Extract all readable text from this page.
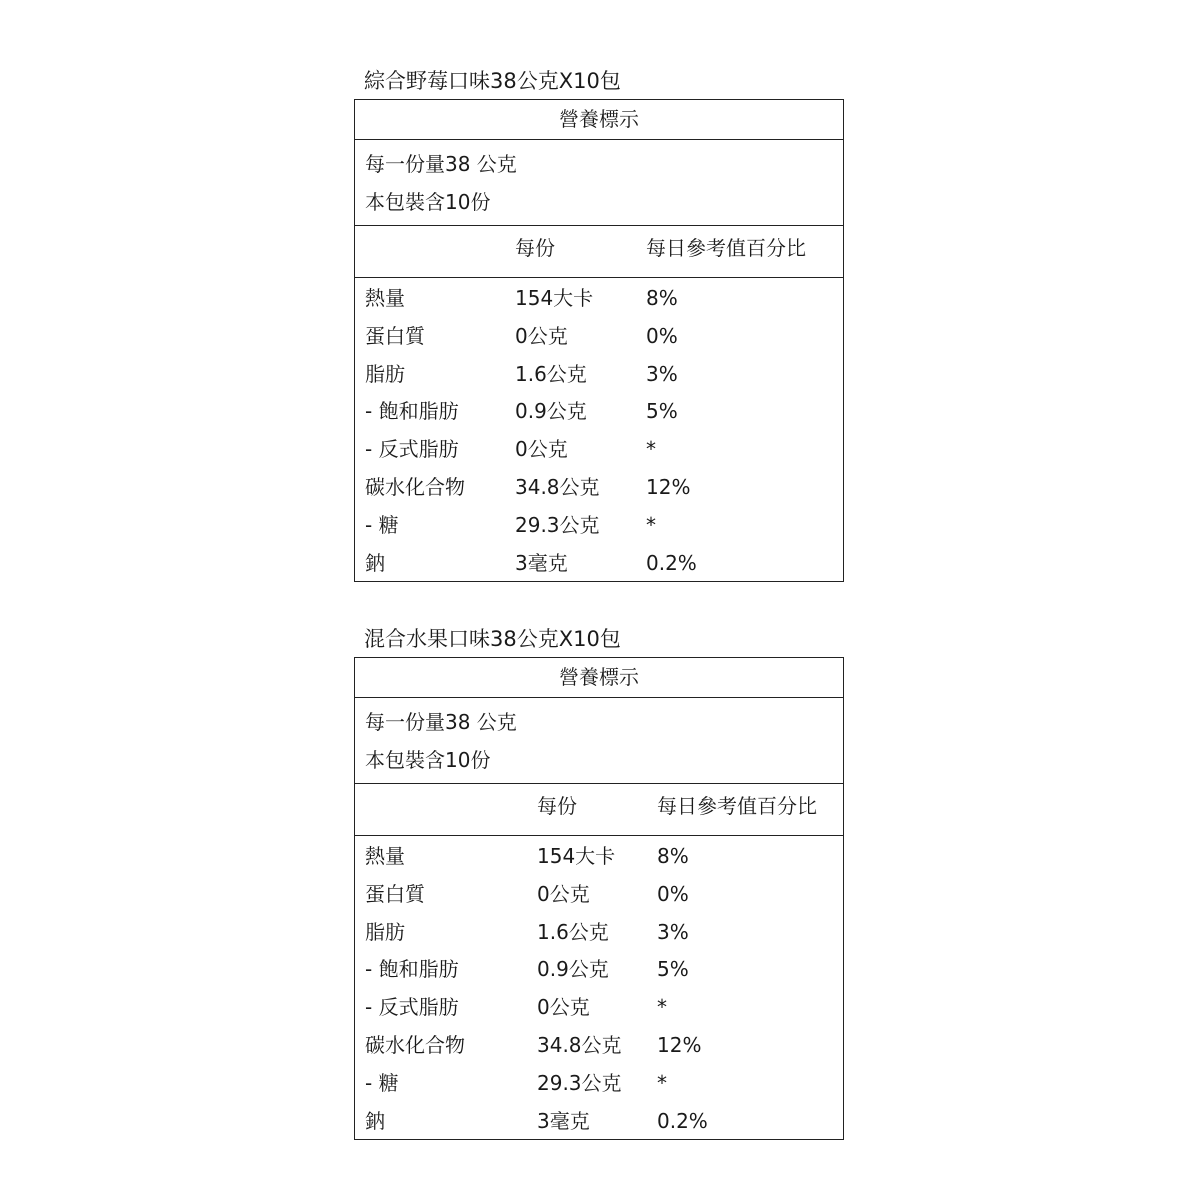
綜合野莓口味38公克X10包
營養標示
每一份量38 公克
本包裝含10份
每份	每日參考值百分比
熱量	154大卡	8%
蛋白質	0公克	0%
脂肪	1.6公克	3%
- 飽和脂肪	0.9公克	5%
- 反式脂肪	0公克	*
碳水化合物	34.8公克 12%
- 糖	29.3公克 *
鈉	3毫克	0.2%
混合水果口味38公克X10包
營養標示
每一份量38 公克
本包裝含10份
每份	每日參考值百分比
熱量	154大卡 8%
蛋白質	0公克	0%
脂肪	1.6公克 3%
- 飽和脂肪	0.9公克 5%
- 反式脂肪	0公克	*
碳水化合物	34.8公克 12%
- 糖	29.3公克 *
鈉	3毫克	0.2%
